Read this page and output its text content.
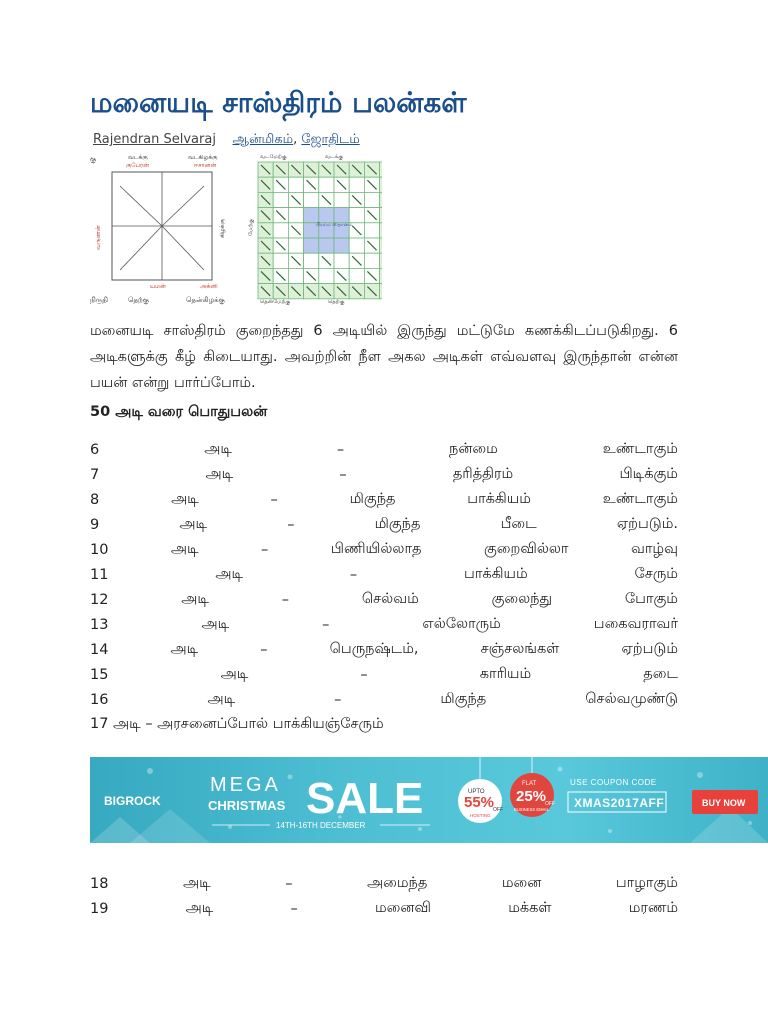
மனையடி சாஸ்திரம் பலன்கள்
Rajendran Selvaraj ஆன்மிகம், ஜோதிடம்
கு	வடக்கு
குபேரன்
வடகிழக்கு
ஈசானன்
வருணன்	கிழக்கு
யமன்
நிருதி	தெற்கு
அக்னி
தென்கிழக்கு
வடமேற்கு	வடக்கு
தென்மேற்கு	தெற்கு
மேற்கு	பிரம்ம ஸ்தானம்

மனையடி சாஸ்திரம் குறைந்தது 6 அடியில் இருந்து மட்டுமே கணக்கிடப்படுகிறது. 6 அடிகளுக்கு கீழ் கிடையாது. அவற்றின் நீள அகல அடிகள் எவ்வளவு இருந்தான் என்ன பயன் என்று பார்ப்போம்.

50 அடி வரை பொதுபலன்

6	அடி	–	நன்மை	உண்டாகும்
7	அடி	–	தரித்திரம்	பிடிக்கும்
8	அடி	–	மிகுந்த	பாக்கியம்	உண்டாகும்
9	அடி	–	மிகுந்த	பீடை	ஏற்படும்.
10	அடி	–	பிணியில்லாத	குறைவில்லா	வாழ்வு
11	அடி	–	பாக்கியம்	சேரும்
12	அடி	–	செல்வம்	குலைந்து	போகும்
13	அடி	–	எல்லோரும்	பகைவராவர்
14	அடி	–	பெருநஷ்டம்,	சஞ்சலங்கள்	ஏற்படும்
15	அடி	–	காரியம்	தடை
16	அடி	–	மிகுந்த	செல்வமுண்டு
17 அடி – அரசனைப்போல் பாக்கியஞ்சேரும்
BIGROCK
MEGA
CHRISTMAS SALE
14TH-16TH DECEMBER
UPTO
55%
OFF
HOSTING
FLAT
25%
OFF
BUSINESS EMAIL
USE COUPON CODE
XMAS2017AFF	BUY NOW
18	அடி	–	அமைந்த	மனை	பாழாகும்
19	அடி	–	மனைவி	மக்கள்	மரணம்
